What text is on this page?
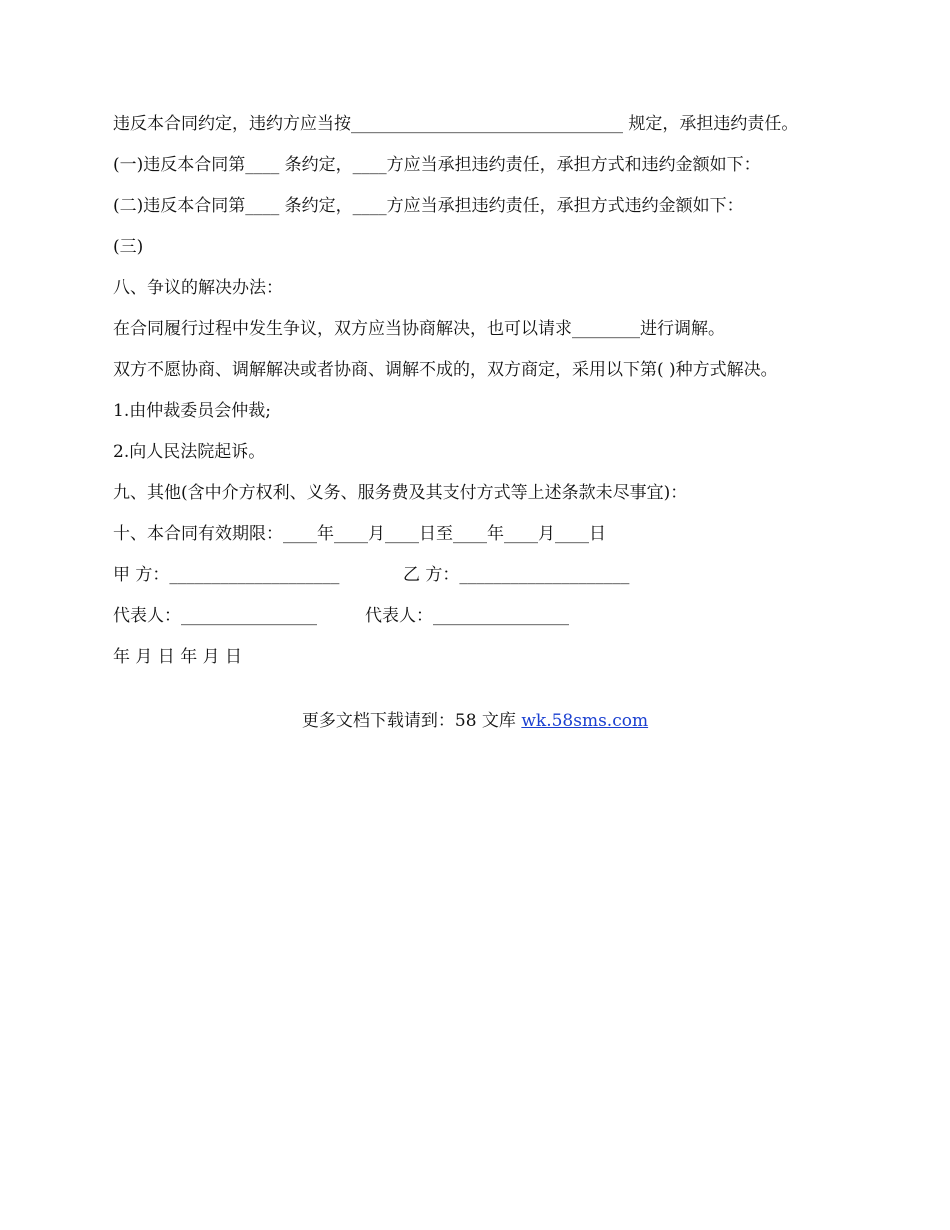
违反本合同约定，违约方应当按________________________________ 规定，承担违约责任。

(一)违反本合同第____ 条约定，____方应当承担违约责任，承担方式和违约金额如下：

(二)违反本合同第____ 条约定，____方应当承担违约责任，承担方式违约金额如下：

(三)

八、争议的解决办法：

在合同履行过程中发生争议，双方应当协商解决，也可以请求________进行调解。

双方不愿协商、调解解决或者协商、调解不成的，双方商定，采用以下第( )种方式解决。

1.由仲裁委员会仲裁;

2.向人民法院起诉。

九、其他(含中介方权利、义务、服务费及其支付方式等上述条款未尽事宜)：

十、本合同有效期限：____年____月____日至____年____月____日

甲 方：____________________	乙 方：____________________
代表人：________________	代表人：________________
年 月 日 年 月 日
更多文档下载请到：58 文库 wk.58sms.com
